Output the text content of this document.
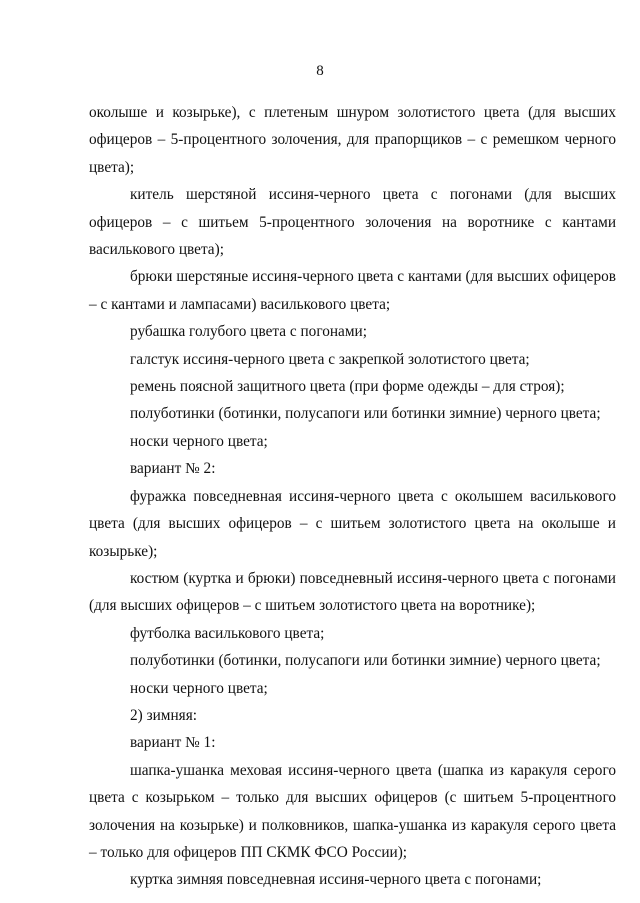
8

околыше и козырьке), с плетеным шнуром золотистого цвета (для высших офицеров – 5-процентного золочения, для прапорщиков – с ремешком черного цвета);

китель шерстяной иссиня-черного цвета с погонами (для высших офицеров – с шитьем 5-процентного золочения на воротнике с кантами василькового цвета);

брюки шерстяные иссиня-черного цвета с кантами (для высших офицеров – с кантами и лампасами) василькового цвета;

рубашка голубого цвета с погонами;

галстук иссиня-черного цвета с закрепкой золотистого цвета;

ремень поясной защитного цвета (при форме одежды – для строя);

полуботинки (ботинки, полусапоги или ботинки зимние) черного цвета;

носки черного цвета;

вариант № 2:

фуражка повседневная иссиня-черного цвета с околышем василькового цвета (для высших офицеров – с шитьем золотистого цвета на околыше и козырьке);

костюм (куртка и брюки) повседневный иссиня-черного цвета с погонами (для высших офицеров – с шитьем золотистого цвета на воротнике);

футболка василькового цвета;

полуботинки (ботинки, полусапоги или ботинки зимние) черного цвета;

носки черного цвета;

2) зимняя:

вариант № 1:

шапка-ушанка меховая иссиня-черного цвета (шапка из каракуля серого цвета с козырьком – только для высших офицеров (с шитьем 5-процентного золочения на козырьке) и полковников, шапка-ушанка из каракуля серого цвета – только для офицеров ПП СКМК ФСО России);

куртка зимняя повседневная иссиня-черного цвета с погонами;
